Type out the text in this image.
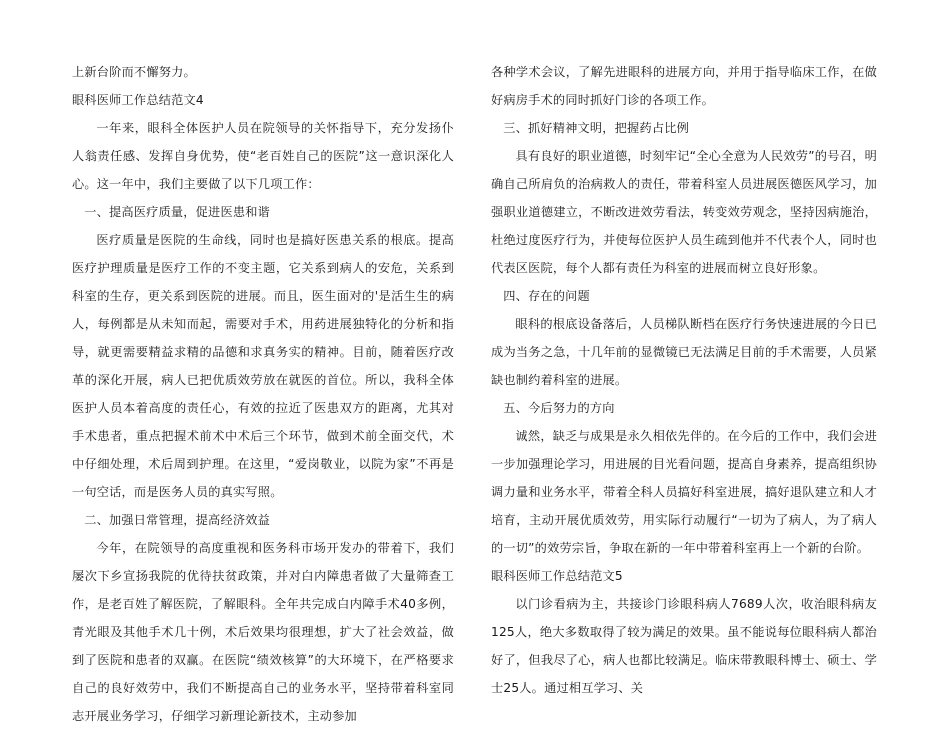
上新台阶而不懈努力。

眼科医师工作总结范文4

一年来，眼科全体医护人员在院领导的关怀指导下，充分发扬仆人翁责任感、发挥自身优势，使“老百姓自己的医院”这一意识深化人心。这一年中，我们主要做了以下几项工作：

一、提高医疗质量，促进医患和谐

医疗质量是医院的生命线，同时也是搞好医患关系的根底。提高医疗护理质量是医疗工作的不变主题，它关系到病人的安危，关系到科室的生存，更关系到医院的进展。而且，医生面对的'是活生生的病人，每例都是从未知而起，需要对手术，用药进展独特化的分析和指导，就更需要精益求精的品德和求真务实的精神。目前，随着医疗改革的深化开展，病人已把优质效劳放在就医的首位。所以，我科全体医护人员本着高度的责任心，有效的拉近了医患双方的距离，尤其对手术患者，重点把握术前术中术后三个环节，做到术前全面交代，术中仔细处理，术后周到护理。在这里，“爱岗敬业，以院为家”不再是一句空话，而是医务人员的真实写照。

二、加强日常管理，提高经济效益

今年，在院领导的高度重视和医务科市场开发办的带着下，我们屡次下乡宣扬我院的优待扶贫政策，并对白内障患者做了大量筛查工作，是老百姓了解医院，了解眼科。全年共完成白内障手术40多例，青光眼及其他手术几十例，术后效果均很理想，扩大了社会效益，做到了医院和患者的双赢。在医院“绩效核算”的大环境下，在严格要求自己的良好效劳中，我们不断提高自己的业务水平，坚持带着科室同志开展业务学习，仔细学习新理论新技术，主动参加

各种学术会议，了解先进眼科的进展方向，并用于指导临床工作，在做好病房手术的同时抓好门诊的各项工作。

三、抓好精神文明，把握药占比例

具有良好的职业道德，时刻牢记“全心全意为人民效劳”的号召，明确自己所肩负的治病救人的责任，带着科室人员进展医德医风学习，加强职业道德建立，不断改进效劳看法，转变效劳观念，坚持因病施治，杜绝过度医疗行为，并使每位医护人员生疏到他并不代表个人，同时也代表区医院，每个人都有责任为科室的进展而树立良好形象。

四、存在的问题

眼科的根底设备落后，人员梯队断档在医疗行务快速进展的今日已成为当务之急，十几年前的显微镜已无法满足目前的手术需要，人员紧缺也制约着科室的进展。

五、今后努力的方向

诚然，缺乏与成果是永久相依先伴的。在今后的工作中，我们会进一步加强理论学习，用进展的目光看问题，提高自身素养，提高组织协调力量和业务水平，带着全科人员搞好科室进展，搞好退队建立和人才培育，主动开展优质效劳，用实际行动履行“一切为了病人，为了病人的一切”的效劳宗旨，争取在新的一年中带着科室再上一个新的台阶。

眼科医师工作总结范文5

以门诊看病为主，共接诊门诊眼科病人7689人次，收治眼科病友125人，绝大多数取得了较为满足的效果。虽不能说每位眼科病人都治好了，但我尽了心，病人也都比较满足。临床带教眼科博士、硕士、学士25人。通过相互学习、关
